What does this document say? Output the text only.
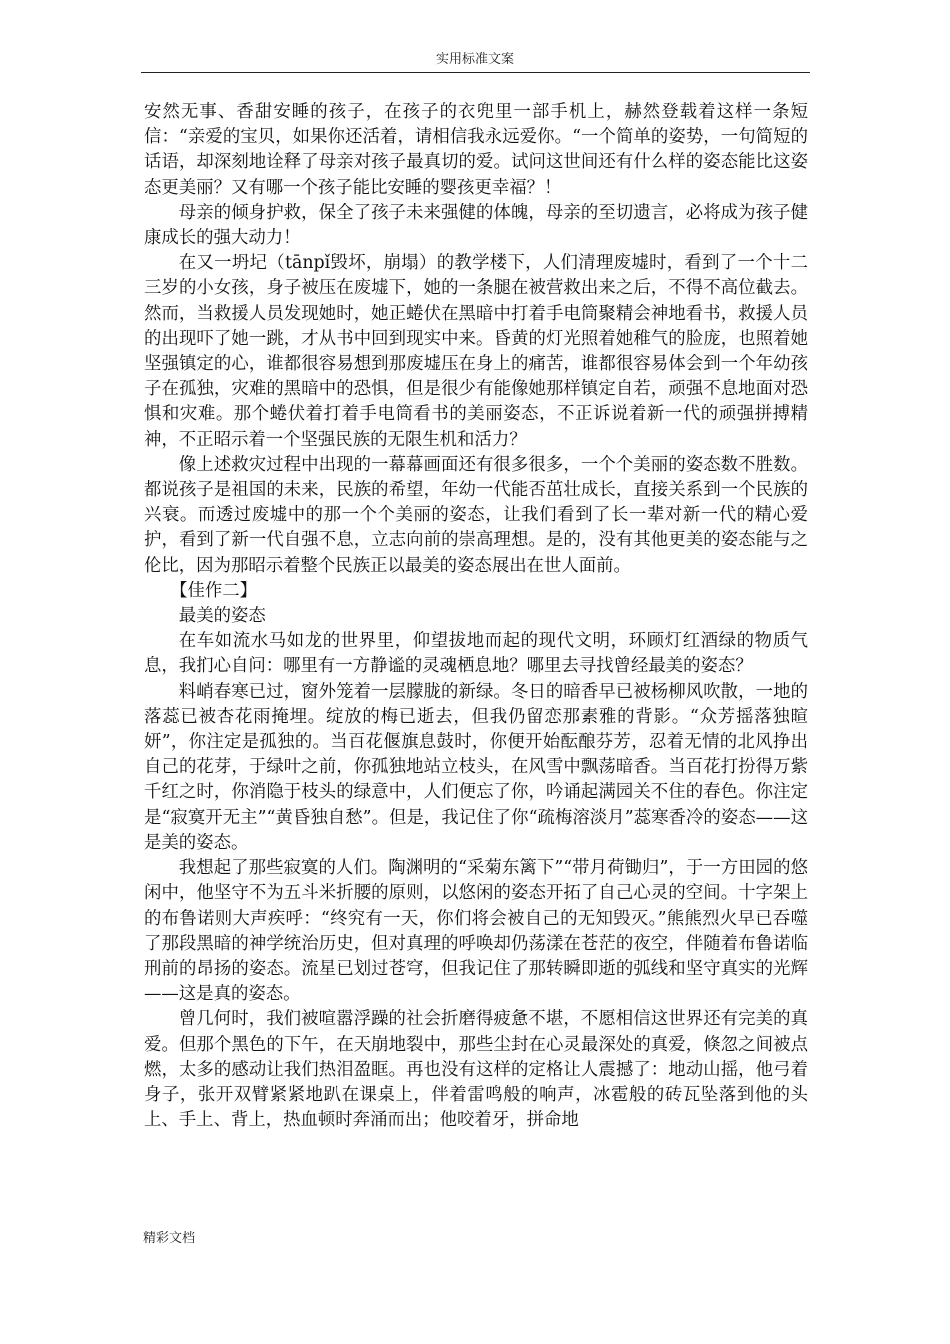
实用标准文案

安然无事、香甜安睡的孩子，在孩子的衣兜里一部手机上，赫然登载着这样一条短信：“亲爱的宝贝，如果你还活着，请相信我永远爱你。“一个简单的姿势，一句简短的话语，却深刻地诠释了母亲对孩子最真切的爱。试问这世间还有什么样的姿态能比这姿态更美丽？又有哪一个孩子能比安睡的婴孩更幸福？！

母亲的倾身护救，保全了孩子未来强健的体魄，母亲的至切遗言，必将成为孩子健康成长的强大动力！

在又一坍圮（tānpǐ毁坏，崩塌）的教学楼下，人们清理废墟时，看到了一个十二三岁的小女孩，身子被压在废墟下，她的一条腿在被营救出来之后，不得不高位截去。然而，当救援人员发现她时，她正蜷伏在黑暗中打着手电筒聚精会神地看书，救援人员的出现吓了她一跳，才从书中回到现实中来。昏黄的灯光照着她稚气的脸庞，也照着她坚强镇定的心，谁都很容易想到那废墟压在身上的痛苦，谁都很容易体会到一个年幼孩子在孤独，灾难的黑暗中的恐惧，但是很少有能像她那样镇定自若，顽强不息地面对恐惧和灾难。那个蜷伏着打着手电筒看书的美丽姿态，不正诉说着新一代的顽强拼搏精神，不正昭示着一个坚强民族的无限生机和活力？

像上述救灾过程中出现的一幕幕画面还有很多很多，一个个美丽的姿态数不胜数。都说孩子是祖国的未来，民族的希望，年幼一代能否茁壮成长，直接关系到一个民族的兴衰。而透过废墟中的那一个个美丽的姿态，让我们看到了长一辈对新一代的精心爱护，看到了新一代自强不息，立志向前的崇高理想。是的，没有其他更美的姿态能与之伦比，因为那昭示着整个民族正以最美的姿态展出在世人面前。

【佳作二】

最美的姿态

在车如流水马如龙的世界里，仰望拔地而起的现代文明，环顾灯红酒绿的物质气息，我扪心自问：哪里有一方静谧的灵魂栖息地？哪里去寻找曾经最美的姿态？

料峭春寒已过，窗外笼着一层朦胧的新绿。冬日的暗香早已被杨柳风吹散，一地的落蕊已被杏花雨掩埋。绽放的梅已逝去，但我仍留恋那素雅的背影。“众芳摇落独暄妍”，你注定是孤独的。当百花偃旗息鼓时，你便开始酝酿芬芳，忍着无情的北风挣出自己的花芽，于绿叶之前，你孤独地站立枝头，在风雪中飘荡暗香。当百花打扮得万紫千红之时，你消隐于枝头的绿意中，人们便忘了你，吟诵起满园关不住的春色。你注定是“寂寞开无主”“黄昏独自愁”。但是，我记住了你“疏梅溶淡月”蕊寒香冷的姿态——这是美的姿态。

我想起了那些寂寞的人们。陶渊明的“采菊东篱下”“带月荷锄归”，于一方田园的悠闲中，他坚守不为五斗米折腰的原则，以悠闲的姿态开拓了自己心灵的空间。十字架上的布鲁诺则大声疾呼：“终究有一天，你们将会被自己的无知毁灭。”熊熊烈火早已吞噬了那段黑暗的神学统治历史，但对真理的呼唤却仍荡漾在苍茫的夜空，伴随着布鲁诺临刑前的昂扬的姿态。流星已划过苍穹，但我记住了那转瞬即逝的弧线和坚守真实的光辉——这是真的姿态。

曾几何时，我们被喧嚣浮躁的社会折磨得疲惫不堪，不愿相信这世界还有完美的真爱。但那个黑色的下午，在天崩地裂中，那些尘封在心灵最深处的真爱，倏忽之间被点燃，太多的感动让我们热泪盈眶。再也没有这样的定格让人震撼了：地动山摇，他弓着身子，张开双臂紧紧地趴在课桌上，伴着雷鸣般的响声，冰雹般的砖瓦坠落到他的头上、手上、背上，热血顿时奔涌而出；他咬着牙，拼命地

精彩文档
